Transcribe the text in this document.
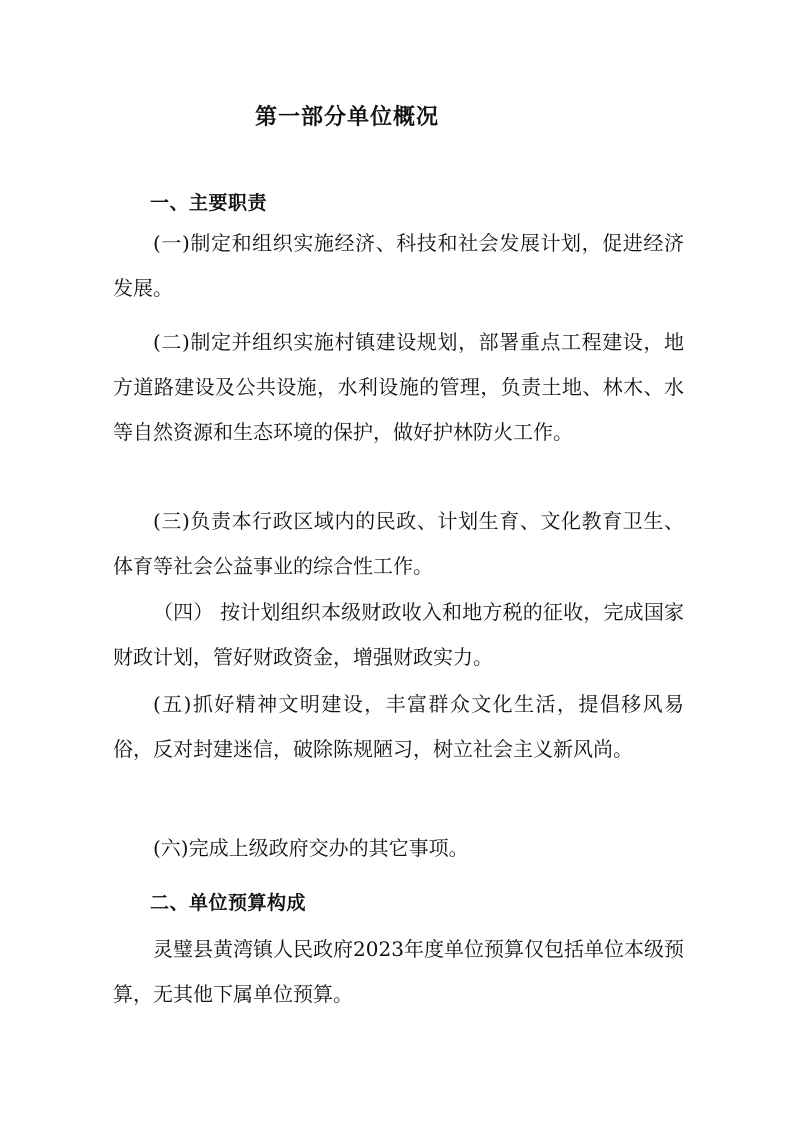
第一部分单位概况
一、主要职责
(一)制定和组织实施经济、科技和社会发展计划，促进经济发展。
(二)制定并组织实施村镇建设规划，部署重点工程建设，地方道路建设及公共设施，水利设施的管理，负责土地、林木、水等自然资源和生态环境的保护，做好护林防火工作。
(三)负责本行政区域内的民政、计划生育、文化教育卫生、体育等社会公益事业的综合性工作。
（四） 按计划组织本级财政收入和地方税的征收，完成国家财政计划，管好财政资金，增强财政实力。
(五)抓好精神文明建设，丰富群众文化生活，提倡移风易俗，反对封建迷信，破除陈规陋习，树立社会主义新风尚。
(六)完成上级政府交办的其它事项。
二、单位预算构成
灵璧县黄湾镇人民政府2023年度单位预算仅包括单位本级预算，无其他下属单位预算。
